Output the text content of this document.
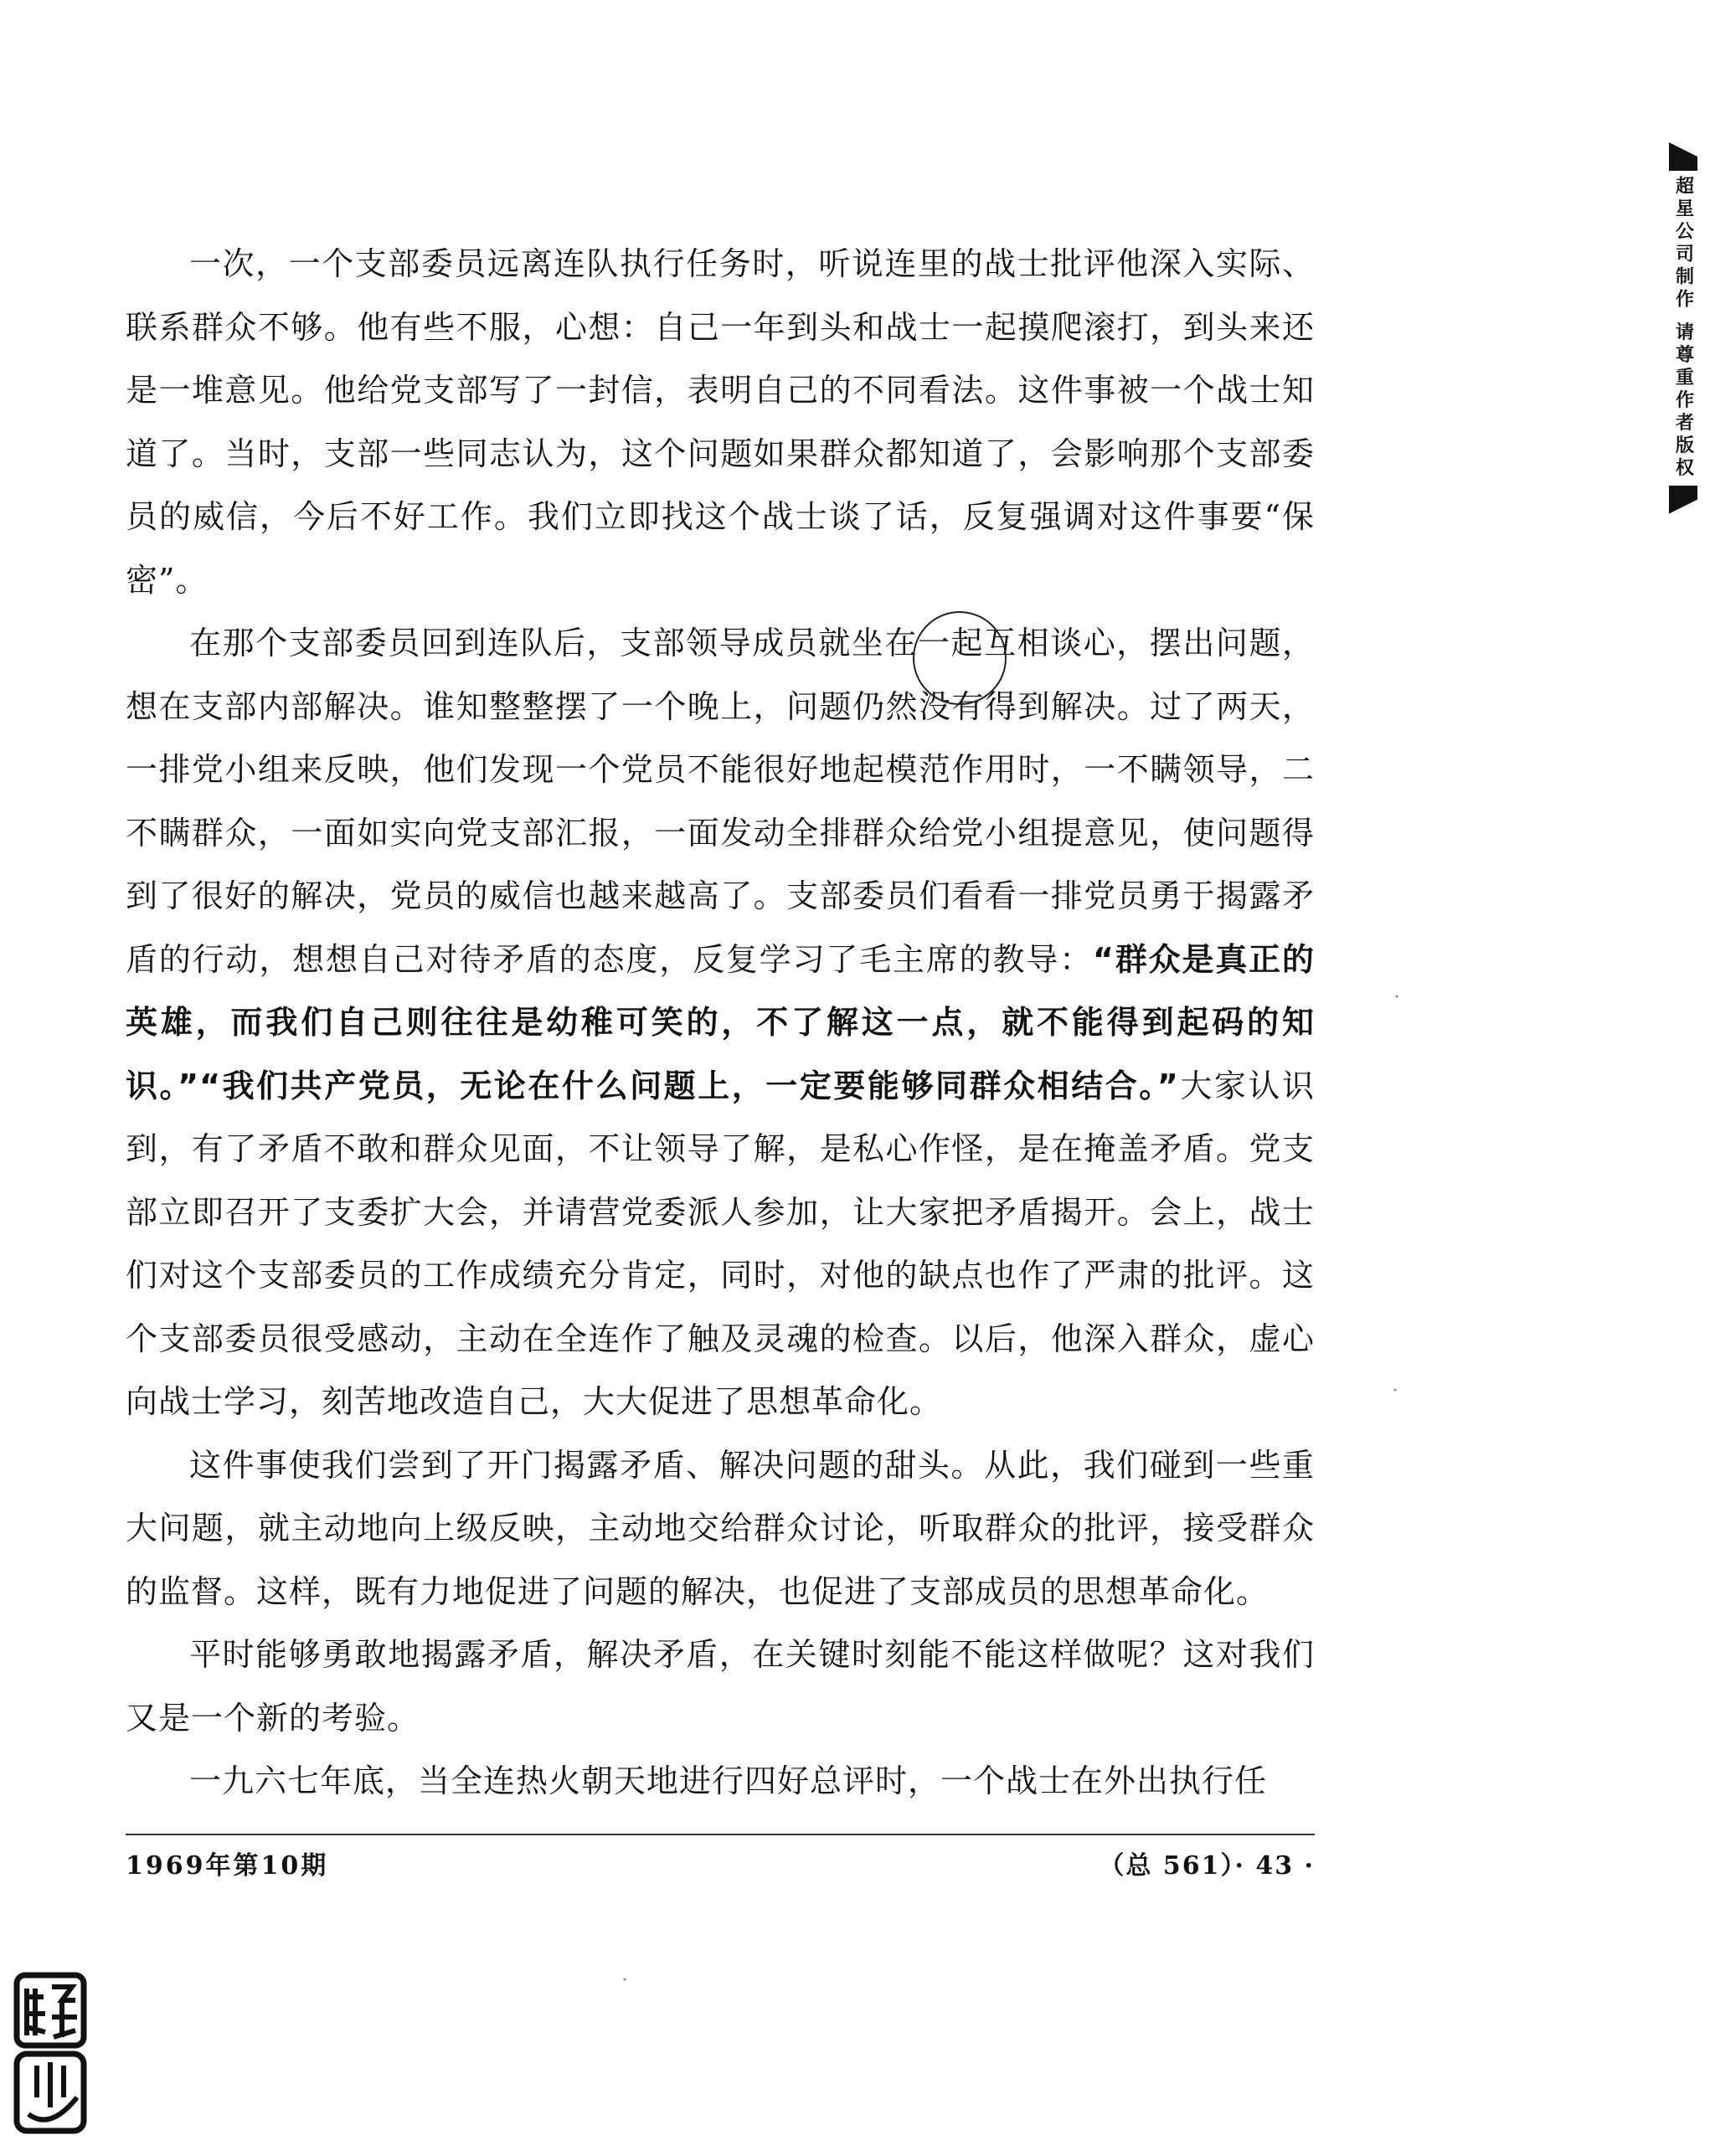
一次，一个支部委员远离连队执行任务时，听说连里的战士批评他深入实际、联系群众不够。他有些不服，心想：自己一年到头和战士一起摸爬滚打，到头来还是一堆意见。他给党支部写了一封信，表明自己的不同看法。这件事被一个战士知道了。当时，支部一些同志认为，这个问题如果群众都知道了，会影响那个支部委员的威信，今后不好工作。我们立即找这个战士谈了话，反复强调对这件事要“保密”。

在那个支部委员回到连队后，支部领导成员就坐在一起互相谈心，摆出问题，想在支部内部解决。谁知整整摆了一个晚上，问题仍然没有得到解决。过了两天，一排党小组来反映，他们发现一个党员不能很好地起模范作用时，一不瞒领导，二不瞒群众，一面如实向党支部汇报，一面发动全排群众给党小组提意见，使问题得到了很好的解决，党员的威信也越来越高了。支部委员们看看一排党员勇于揭露矛盾的行动，想想自己对待矛盾的态度，反复学习了毛主席的教导：“群众是真正的英雄，而我们自己则往往是幼稚可笑的，不了解这一点，就不能得到起码的知识。”“我们共产党员，无论在什么问题上，一定要能够同群众相结合。”大家认识到，有了矛盾不敢和群众见面，不让领导了解，是私心作怪，是在掩盖矛盾。党支部立即召开了支委扩大会，并请营党委派人参加，让大家把矛盾揭开。会上，战士们对这个支部委员的工作成绩充分肯定，同时，对他的缺点也作了严肃的批评。这个支部委员很受感动，主动在全连作了触及灵魂的检查。以后，他深入群众，虚心向战士学习，刻苦地改造自己，大大促进了思想革命化。

这件事使我们尝到了开门揭露矛盾、解决问题的甜头。从此，我们碰到一些重大问题，就主动地向上级反映，主动地交给群众讨论，听取群众的批评，接受群众的监督。这样，既有力地促进了问题的解决，也促进了支部成员的思想革命化。

平时能够勇敢地揭露矛盾，解决矛盾，在关键时刻能不能这样做呢？这对我们又是一个新的考验。

一九六七年底，当全连热火朝天地进行四好总评时，一个战士在外出执行任

1969年第10期	（总 561）· 43 ·
超星公司制作 请尊重作者版权
